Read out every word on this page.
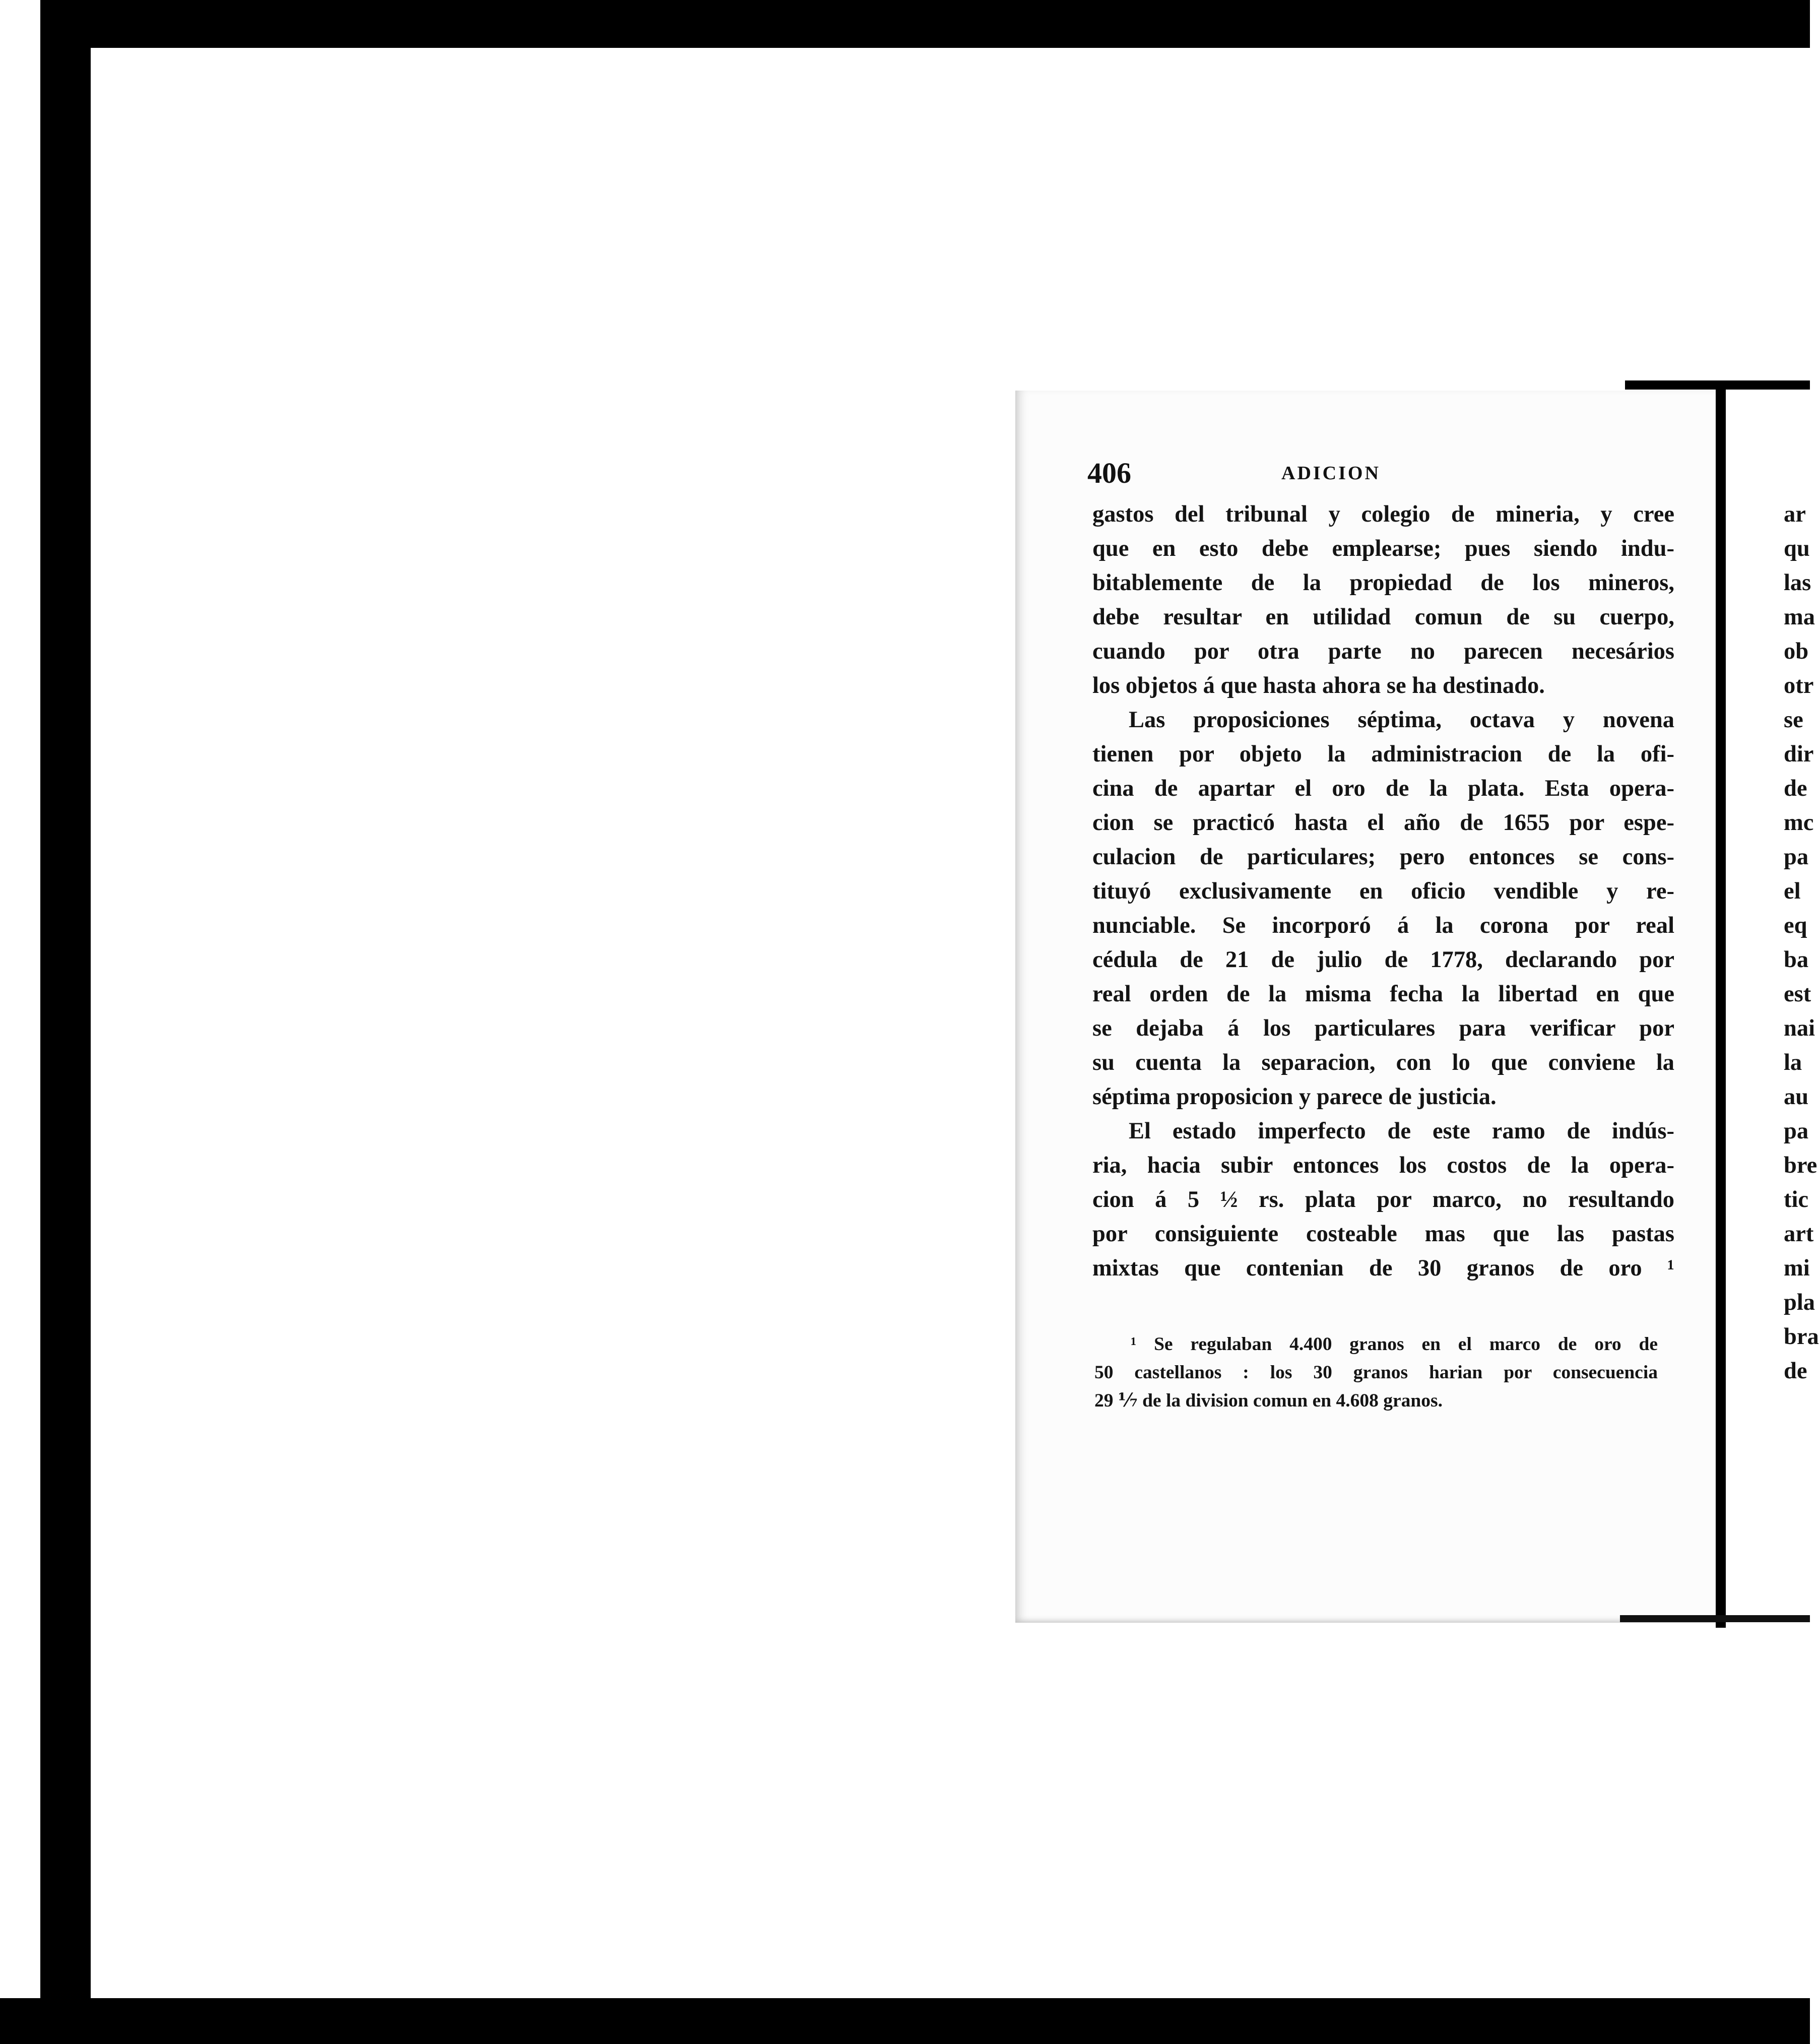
406	ADICION
gastos del tribunal y colegio de mineria, y cree
que en esto debe emplearse; pues siendo indu-
bitablemente de la propiedad de los mineros,
debe resultar en utilidad comun de su cuerpo,
cuando por otra parte no parecen necesários
los objetos á que hasta ahora se ha destinado.
Las proposiciones séptima, octava y novena
tienen por objeto la administracion de la ofi-
cina de apartar el oro de la plata. Esta opera-
cion se practicó hasta el año de 1655 por espe-
culacion de particulares; pero entonces se cons-
tituyó exclusivamente en oficio vendible y re-
nunciable. Se incorporó á la corona por real
cédula de 21 de julio de 1778, declarando por
real orden de la misma fecha la libertad en que
se dejaba á los particulares para verificar por
su cuenta la separacion, con lo que conviene la
séptima proposicion y parece de justicia.
El estado imperfecto de este ramo de indús-
ria, hacia subir entonces los costos de la opera-
cion á 5 ½ rs. plata por marco, no resultando
por consiguiente costeable mas que las pastas
mixtas que contenian de 30 granos de oro ¹
¹ Se regulaban 4.400 granos en el marco de oro de
50 castellanos : los 30 granos harian por consecuencia
29 ⅐ de la division comun en 4.608 granos.
ar
qu
las
ma
ob
otr
se
dir
de
mc
pa
el
eq
ba
est
nai
la
au
pa
bre
tic
art
mi
pla
bra
de
